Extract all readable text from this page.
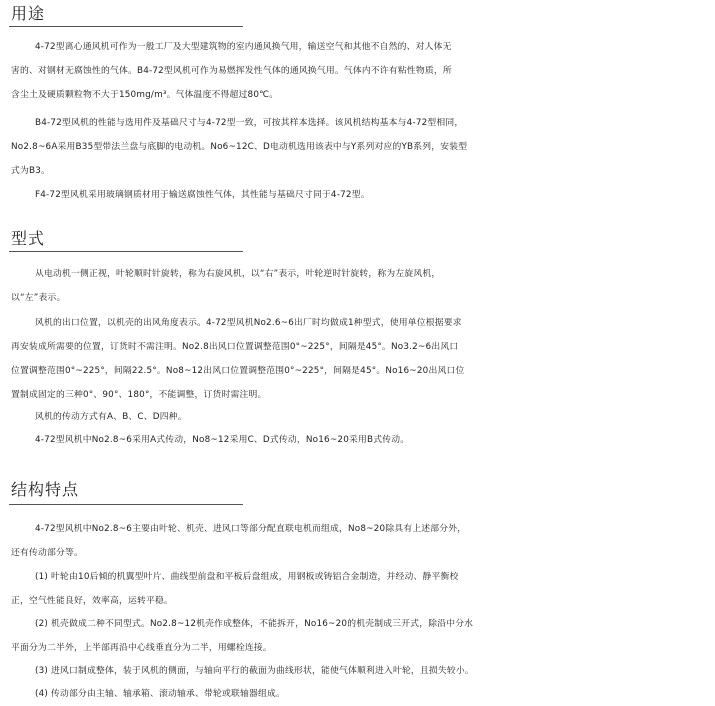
用途
4-72型离心通风机可作为一般工厂及大型建筑物的室内通风换气用，输送空气和其他不自然的、对人体无
害的、对钢材无腐蚀性的气体。B4-72型风机可作为易燃挥发性气体的通风换气用。气体内不许有粘性物质，所
含尘土及硬质颗粒物不大于150mg/m³。气体温度不得超过80℃。
B4-72型风机的性能与选用件及基础尺寸与4-72型一致，可按其样本选择。该风机结构基本与4-72型相同，
No2.8~6A采用B35型带法兰盘与底脚的电动机。No6~12C、D电动机选用该表中与Y系列对应的YB系列，安装型
式为B3。
F4-72型风机采用玻璃钢质材用于输送腐蚀性气体，其性能与基础尺寸同于4-72型。
型式
从电动机一侧正视，叶轮顺时针旋转，称为右旋风机，以“右”表示，叶轮逆时针旋转，称为左旋风机，
以“左”表示。
风机的出口位置，以机壳的出风角度表示。4-72型风机No2.6~6出厂时均做成1种型式，使用单位根据要求
再安装成所需要的位置，订货时不需注明。No2.8出风口位置调整范围0°~225°，间隔是45°。No3.2~6出风口
位置调整范围0°~225°，间隔22.5°。No8~12出风口位置调整范围0°~225°，间隔是45°。No16~20出风口位
置制成固定的三种0°、90°、180°，不能调整，订货时需注明。
风机的传动方式有A、B、C、D四种。
4-72型风机中No2.8~6采用A式传动，No8~12采用C、D式传动，No16~20采用B式传动。
结构特点
4-72型风机中No2.8~6主要由叶轮、机壳、进风口等部分配直联电机而组成，No8~20除具有上述部分外，
还有传动部分等。
(1) 叶轮由10后倾的机翼型叶片、曲线型前盘和平板后盘组成，用钢板或铸铝合金制造，并经动、静平衡校
正，空气性能良好，效率高，运转平稳。
(2) 机壳做成二种不同型式。No2.8~12机壳作成整体，不能拆开，No16~20的机壳制成三开式，除沿中分水
平面分为二半外，上半部再沿中心线垂直分为二半，用螺栓连接。
(3) 进风口制成整体，装于风机的侧面，与轴向平行的截面为曲线形状，能使气体顺利进入叶轮，且损失较小。
(4) 传动部分由主轴、轴承箱、滚动轴承、带轮或联轴器组成。
